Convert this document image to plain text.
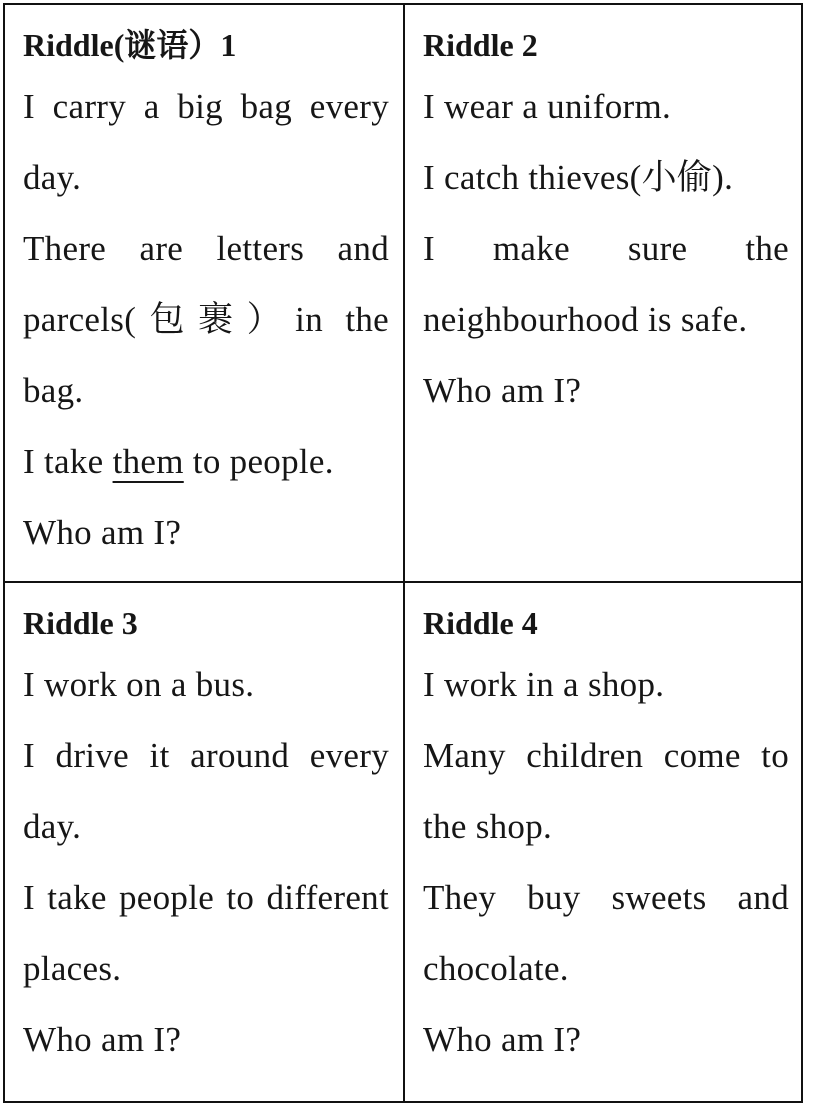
Riddle(谜语）1
I carry a big bag every day.
There are letters and parcels(包裹）in the bag.
I take them to people.
Who am I?
Riddle 2
I wear a uniform.
I catch thieves(小偷).
I make sure the neighbourhood is safe.
Who am I?
Riddle 3
I work on a bus.
I drive it around every day.
I take people to different places.
Who am I?
Riddle 4
I work in a shop.
Many children come to the shop.
They buy sweets and chocolate.
Who am I?
